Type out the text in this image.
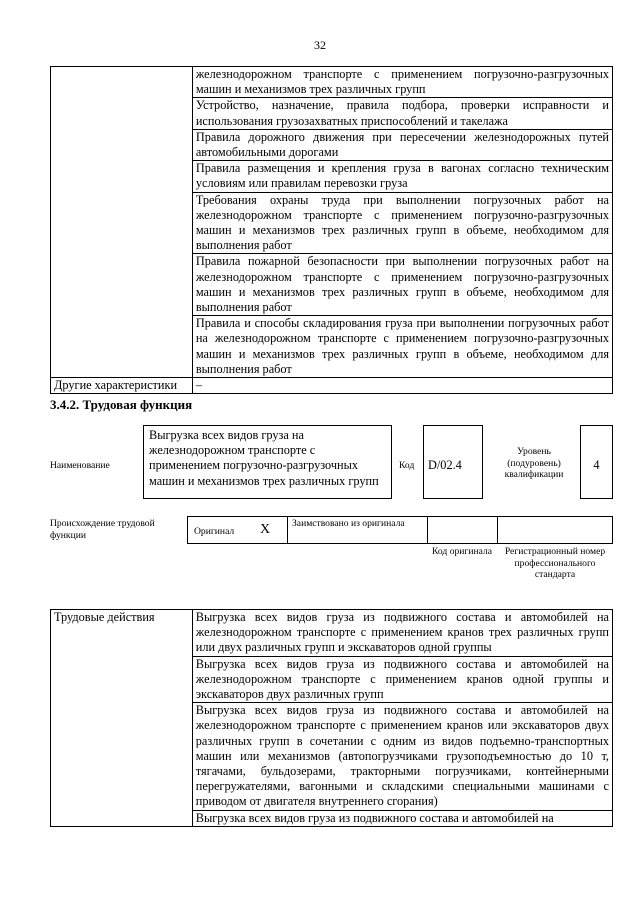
32
	железнодорожном транспорте с применением погрузочно-разгрузочных машин и механизмов трех различных групп
	Устройство, назначение, правила подбора, проверки исправности и использования грузозахватных приспособлений и такелажа
	Правила дорожного движения при пересечении железнодорожных путей автомобильными дорогами
	Правила размещения и крепления груза в вагонах согласно техническим условиям или правилам перевозки груза
	Требования охраны труда при выполнении погрузочных работ на железнодорожном транспорте с применением погрузочно-разгрузочных машин и механизмов трех различных групп в объеме, необходимом для выполнения работ
	Правила пожарной безопасности при выполнении погрузочных работ на железнодорожном транспорте с применением погрузочно-разгрузочных машин и механизмов трех различных групп в объеме, необходимом для выполнения работ
	Правила и способы складирования груза при выполнении погрузочных работ на железнодорожном транспорте с применением погрузочно-разгрузочных машин и механизмов трех различных групп в объеме, необходимом для выполнения работ
Другие характеристики	–
3.4.2. Трудовая функция
Наименование
Выгрузка всех видов груза на железнодорожном транспорте с применением погрузочно-разгрузочных машин и механизмов трех различных групп
Код	D/02.4
Уровень (подуровень) квалификации
4
Происхождение трудовой функции	Оригинал X Заимствовано из оригинала
Код оригинала	Регистрационный номер профессионального стандарта
Трудовые действия	Выгрузка всех видов груза из подвижного состава и автомобилей на железнодорожном транспорте с применением кранов трех различных групп или двух различных групп и экскаваторов одной группы
Выгрузка всех видов груза из подвижного состава и автомобилей на железнодорожном транспорте с применением кранов одной группы и экскаваторов двух различных групп
Выгрузка всех видов груза из подвижного состава и автомобилей на железнодорожном транспорте с применением кранов или экскаваторов двух различных групп в сочетании с одним из видов подъемно-транспортных машин или механизмов (автопогрузчиками грузоподъемностью до 10 т, тягачами, бульдозерами, тракторными погрузчиками, контейнерными перегружателями, вагонными и складскими специальными машинами с приводом от двигателя внутреннего сгорания)
Выгрузка всех видов груза из подвижного состава и автомобилей на
